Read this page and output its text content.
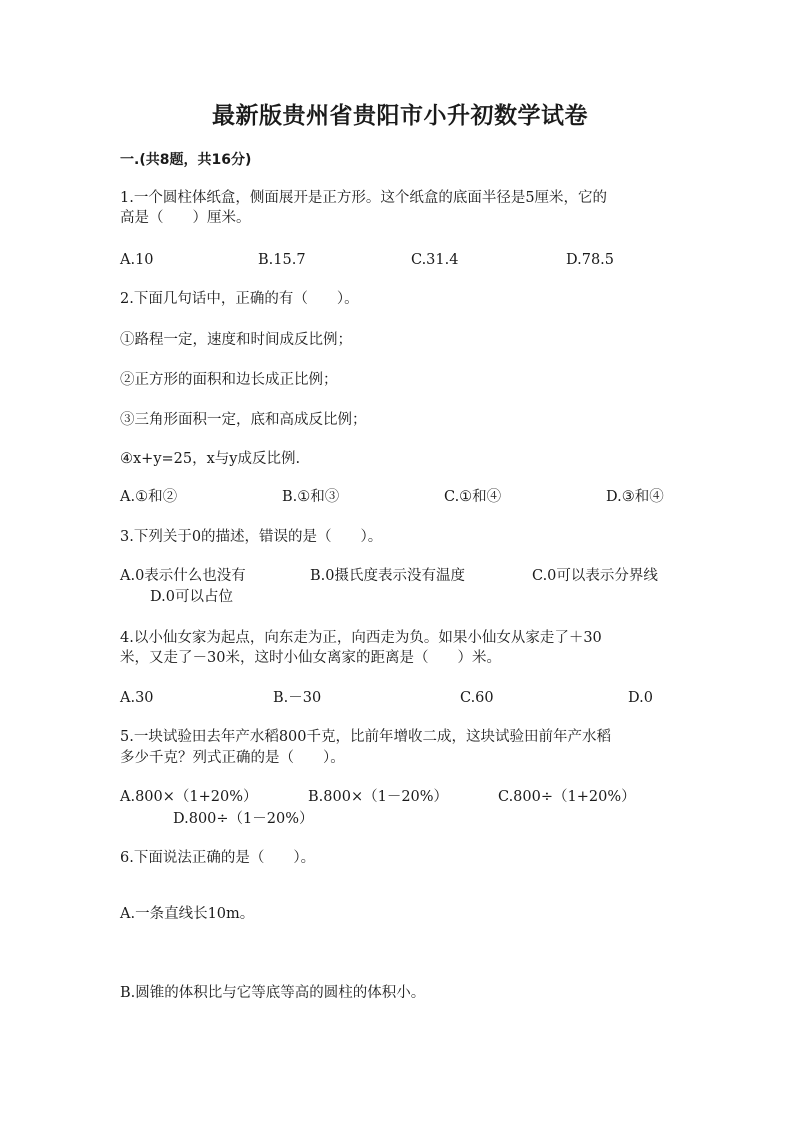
最新版贵州省贵阳市小升初数学试卷
一.(共8题，共16分)
1.一个圆柱体纸盒，侧面展开是正方形。这个纸盒的底面半径是5厘米，它的
高是（　　）厘米。
A.10	B.15.7	C.31.4	D.78.5
2.下面几句话中，正确的有（　　）。
①路程一定，速度和时间成反比例；
②正方形的面积和边长成正比例；
③三角形面积一定，底和高成反比例；
④x+y=25，x与y成反比例.
A.①和②	B.①和③	C.①和④	D.③和④
3.下列关于0的描述，错误的是（　　）。
A.0表示什么也没有	B.0摄氏度表示没有温度	C.0可以表示分界线
D.0可以占位
4.以小仙女家为起点，向东走为正，向西走为负。如果小仙女从家走了＋30
米，又走了－30米，这时小仙女离家的距离是（　　）米。
A.30	B.－30	C.60	D.0
5.一块试验田去年产水稻800千克，比前年增收二成，这块试验田前年产水稻
多少千克？列式正确的是（　　）。
A.800×（1+20%）	B.800×（1－20%）	C.800÷（1+20%）
D.800÷（1－20%）
6.下面说法正确的是（　　）。
A.一条直线长10m。
B.圆锥的体积比与它等底等高的圆柱的体积小。
